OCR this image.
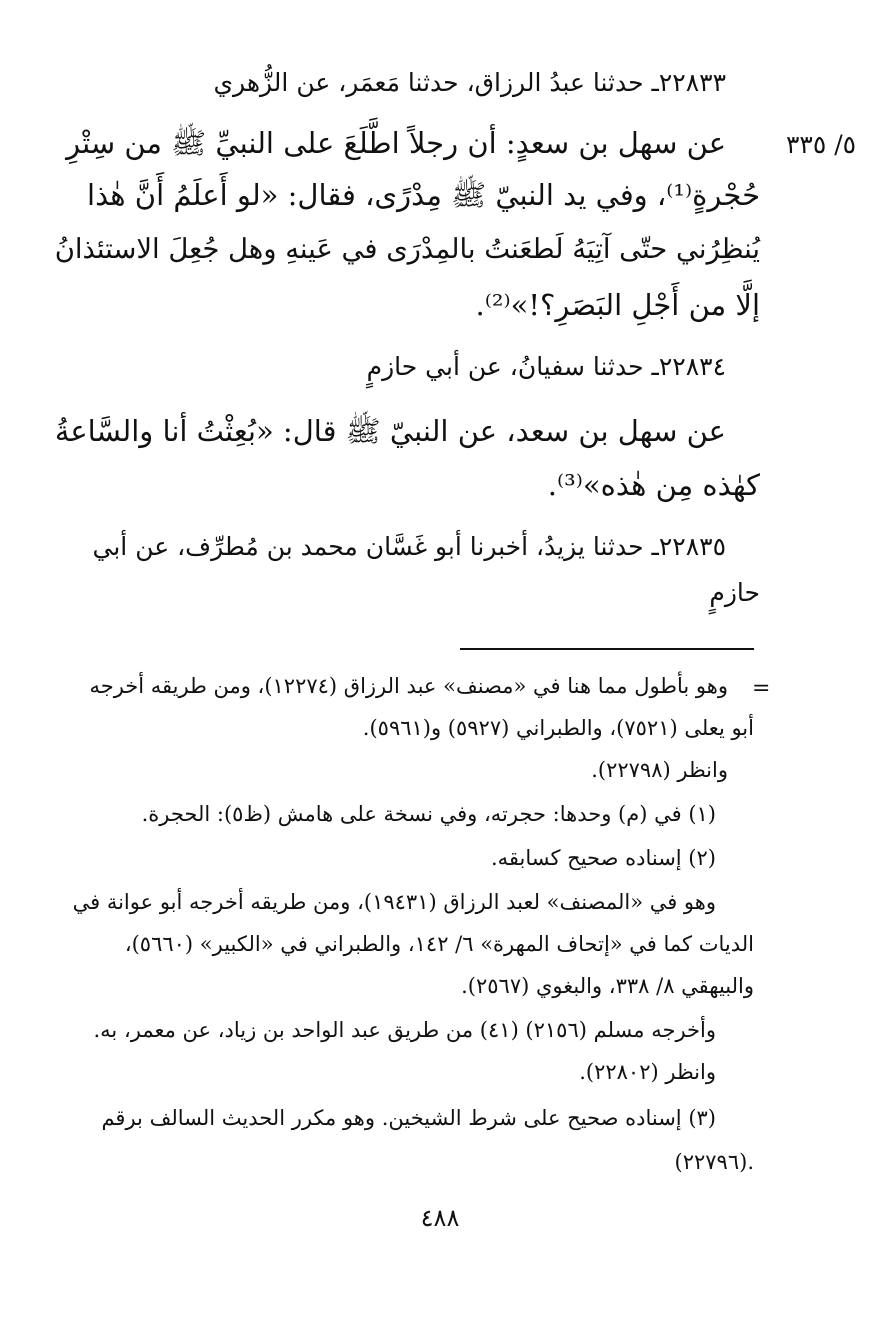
٢٢٨٣٣ـ حدثنا عبدُ الرزاق، حدثنا مَعمَر، عن الزُّهري
٥/ ٣٣٥
عن سهل بن سعدٍ: أن رجلاً اطَّلَعَ على النبيِّ ﷺ من سِتْرِ
حُجْرةٍ⁽¹⁾، وفي يد النبيّ ﷺ مِدْرًى، فقال: «لو أَعلَمُ أَنَّ هٰذا
يُنظِرُني حتّى آتِيَهُ لَطعَنتُ بالمِدْرَى في عَينهِ وهل جُعِلَ الاستئذانُ
إلَّا من أَجْلِ البَصَرِ؟!»⁽²⁾.
٢٢٨٣٤ـ حدثنا سفيانُ، عن أبي حازمٍ
عن سهل بن سعد، عن النبيّ ﷺ قال: «بُعِثْتُ أنا والسَّاعةُ
كهٰذه مِن هٰذه»⁽³⁾.
٢٢٨٣٥ـ حدثنا يزيدُ، أخبرنا أبو غَسَّان محمد بن مُطرِّف، عن أبي
حازمٍ
=
وهو بأطول مما هنا في «مصنف» عبد الرزاق (١٢٢٧٤)، ومن طريقه أخرجه
أبو يعلى (٧٥٢١)، والطبراني (٥٩٢٧) و(٥٩٦١).
وانظر (٢٢٧٩٨).
(١) في (م) وحدها: حجرته، وفي نسخة على هامش (ظ٥): الحجرة.
(٢) إسناده صحيح كسابقه.
وهو في «المصنف» لعبد الرزاق (١٩٤٣١)، ومن طريقه أخرجه أبو عوانة في
الديات كما في «إتحاف المهرة» ٦/ ١٤٢، والطبراني في «الكبير» (٥٦٦٠)،
والبيهقي ٨/ ٣٣٨، والبغوي (٢٥٦٧).
وأخرجه مسلم (٢١٥٦) (٤١) من طريق عبد الواحد بن زياد، عن معمر، به.
وانظر (٢٢٨٠٢).
(٣) إسناده صحيح على شرط الشيخين. وهو مكرر الحديث السالف برقم
(٢٢٧٩٦).
٤٨٨
